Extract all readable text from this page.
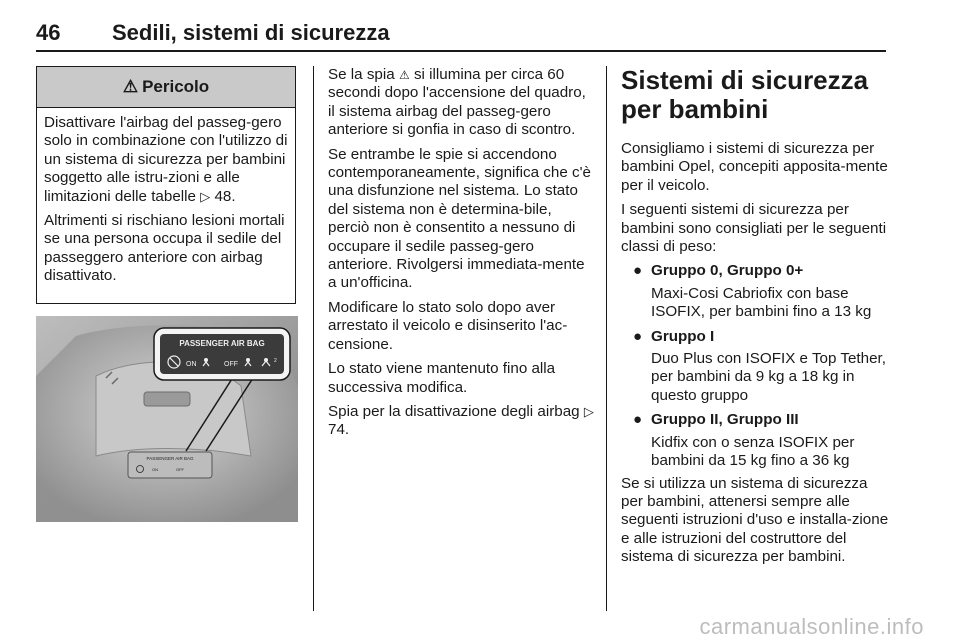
46 Sedili, sistemi di sicurezza
⚠ Pericolo

Disattivare l'airbag del passeg-gero solo in combinazione con l'utilizzo di un sistema di sicurezza per bambini soggetto alle istru-zioni e alle limitazioni delle tabelle ▷ 48.

Altrimenti si rischiano lesioni mortali se una persona occupa il sedile del passeggero anteriore con airbag disattivato.

PASSENGER AIR BAG
ON	OFF
PASSENGER AIR BAG
ON	OFF	2

Se la spia ⚠ si illumina per circa 60 secondi dopo l'accensione del quadro, il sistema airbag del passeg-gero anteriore si gonfia in caso di scontro.

Se entrambe le spie si accendono contemporaneamente, significa che c'è una disfunzione nel sistema. Lo stato del sistema non è determina-bile, perciò non è consentito a nessuno di occupare il sedile passeg-gero anteriore. Rivolgersi immediata-mente a un'officina.

Modificare lo stato solo dopo aver arrestato il veicolo e disinserito l'ac-censione.

Lo stato viene mantenuto fino alla successiva modifica.

Spia per la disattivazione degli airbag ▷ 74.

Sistemi di sicurezza per bambini

Consigliamo i sistemi di sicurezza per bambini Opel, concepiti apposita-mente per il veicolo.

I seguenti sistemi di sicurezza per bambini sono consigliati per le seguenti classi di peso:

● Gruppo 0, Gruppo 0+
Maxi-Cosi Cabriofix con base ISOFIX, per bambini fino a 13 kg
● Gruppo I
Duo Plus con ISOFIX e Top Tether, per bambini da 9 kg a 18 kg in questo gruppo
● Gruppo II, Gruppo III
Kidfix con o senza ISOFIX per bambini da 15 kg fino a 36 kg

Se si utilizza un sistema di sicurezza per bambini, attenersi sempre alle seguenti istruzioni d'uso e installa-zione e alle istruzioni del costruttore del sistema di sicurezza per bambini.

carmanualsonline.info
